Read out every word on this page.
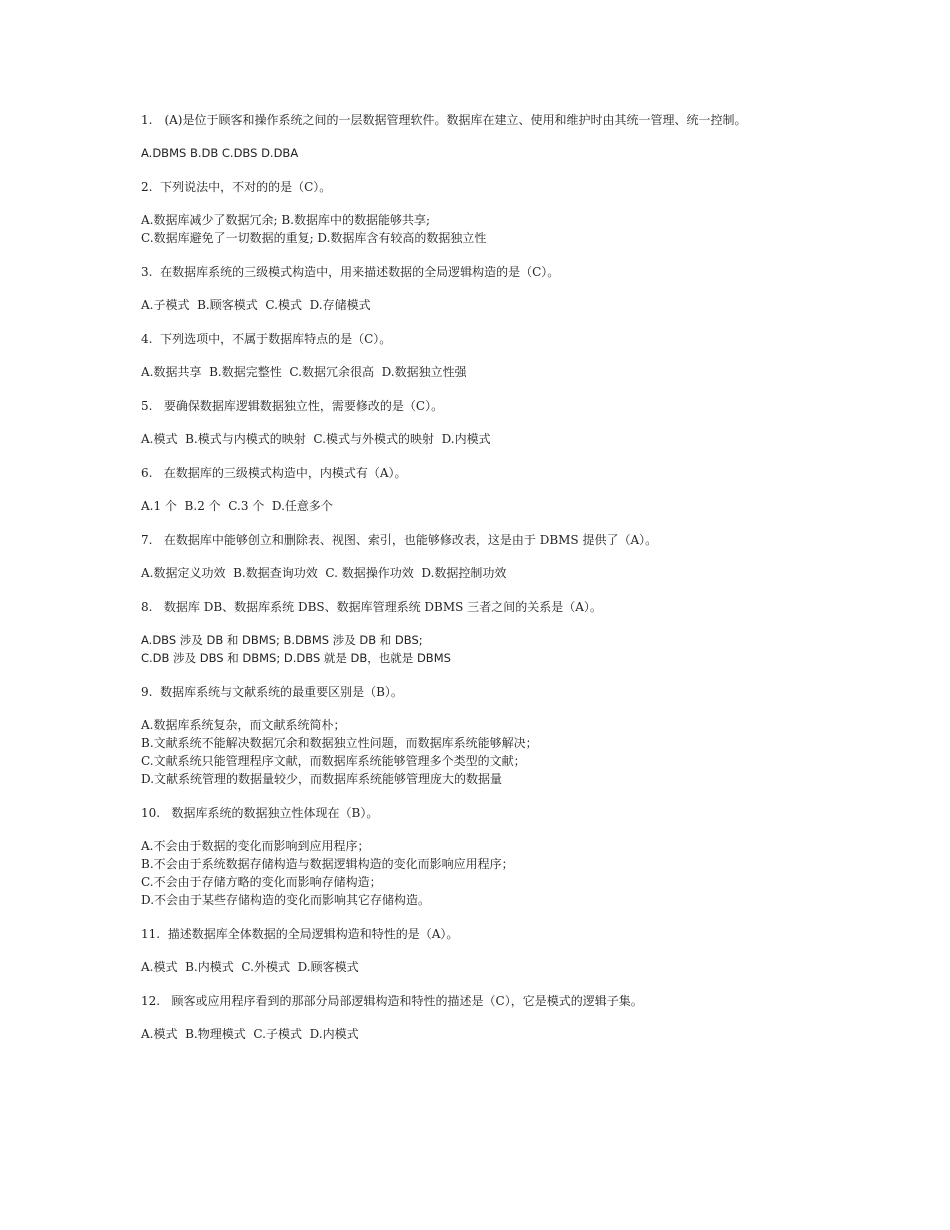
1.　(A)是位于顾客和操作系统之间的一层数据管理软件。数据库在建立、使用和维护时由其统一管理、统一控制。

A.DBMS B.DB C.DBS D.DBA

2.  下列说法中，不对的的是（C）。

A.数据库减少了数据冗余; B.数据库中的数据能够共享;
C.数据库避免了一切数据的重复; D.数据库含有较高的数据独立性

3.  在数据库系统的三级模式构造中，用来描述数据的全局逻辑构造的是（C）。

A.子模式  B.顾客模式  C.模式  D.存储模式

4.  下列选项中，不属于数据库特点的是（C）。

A.数据共享  B.数据完整性  C.数据冗余很高  D.数据独立性强

5.   要确保数据库逻辑数据独立性，需要修改的是（C）。

A.模式  B.模式与内模式的映射  C.模式与外模式的映射  D.内模式

6.   在数据库的三级模式构造中，内模式有（A）。

A.1 个  B.2 个  C.3 个  D.任意多个

7.   在数据库中能够创立和删除表、视图、索引，也能够修改表，这是由于 DBMS 提供了（A）。

A.数据定义功效  B.数据查询功效  C. 数据操作功效  D.数据控制功效

8.   数据库 DB、数据库系统 DBS、数据库管理系统 DBMS 三者之间的关系是（A）。

A.DBS 涉及 DB 和 DBMS; B.DBMS 涉及 DB 和 DBS;
C.DB 涉及 DBS 和 DBMS; D.DBS 就是 DB，也就是 DBMS

9.  数据库系统与文献系统的最重要区别是（B）。

A.数据库系统复杂，而文献系统简朴；
B.文献系统不能解决数据冗余和数据独立性问题，而数据库系统能够解决；
C.文献系统只能管理程序文献，而数据库系统能够管理多个类型的文献；
D.文献系统管理的数据量较少，而数据库系统能够管理庞大的数据量

10.   数据库系统的数据独立性体现在（B）。

A.不会由于数据的变化而影响到应用程序；
B.不会由于系统数据存储构造与数据逻辑构造的变化而影响应用程序；
C.不会由于存储方略的变化而影响存储构造；
D.不会由于某些存储构造的变化而影响其它存储构造。

11.  描述数据库全体数据的全局逻辑构造和特性的是（A）。

A.模式  B.内模式  C.外模式  D.顾客模式

12.   顾客或应用程序看到的那部分局部逻辑构造和特性的描述是（C），它是模式的逻辑子集。

A.模式  B.物理模式  C.子模式  D.内模式
